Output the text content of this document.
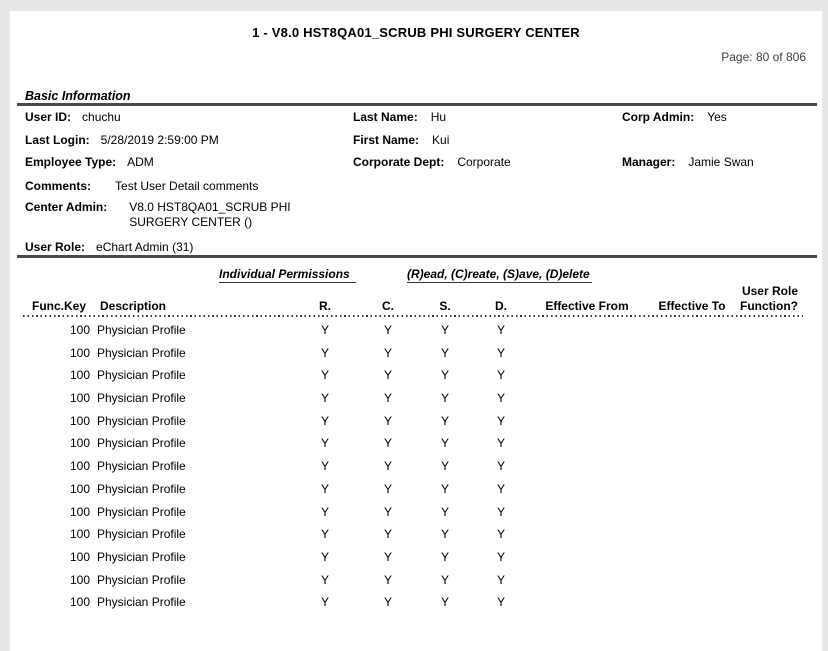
1 - V8.0 HST8QA01_SCRUB PHI SURGERY CENTER
Page: 80 of 806
Basic Information
User ID: chuchu	Last Name: Hu	Corp Admin: Yes
Last Login: 5/28/2019 2:59:00 PM	First Name: Kui
Employee Type: ADM	Corporate Dept: Corporate	Manager: Jamie Swan
Comments: Test User Detail comments
Center Admin: V8.0 HST8QA01_SCRUB PHI SURGERY CENTER ()
User Role: eChart Admin (31)
Individual Permissions	(R)ead, (C)reate, (S)ave, (D)elete
User Role
Func.Key Description	R.	C.	S.	D.	Effective From	Effective To	Function?
100 Physician Profile	Y	Y	Y	Y
100 Physician Profile	Y	Y	Y	Y
100 Physician Profile	Y	Y	Y	Y
100 Physician Profile	Y	Y	Y	Y
100 Physician Profile	Y	Y	Y	Y
100 Physician Profile	Y	Y	Y	Y
100 Physician Profile	Y	Y	Y	Y
100 Physician Profile	Y	Y	Y	Y
100 Physician Profile	Y	Y	Y	Y
100 Physician Profile	Y	Y	Y	Y
100 Physician Profile	Y	Y	Y	Y
100 Physician Profile	Y	Y	Y	Y
100 Physician Profile	Y	Y	Y	Y
